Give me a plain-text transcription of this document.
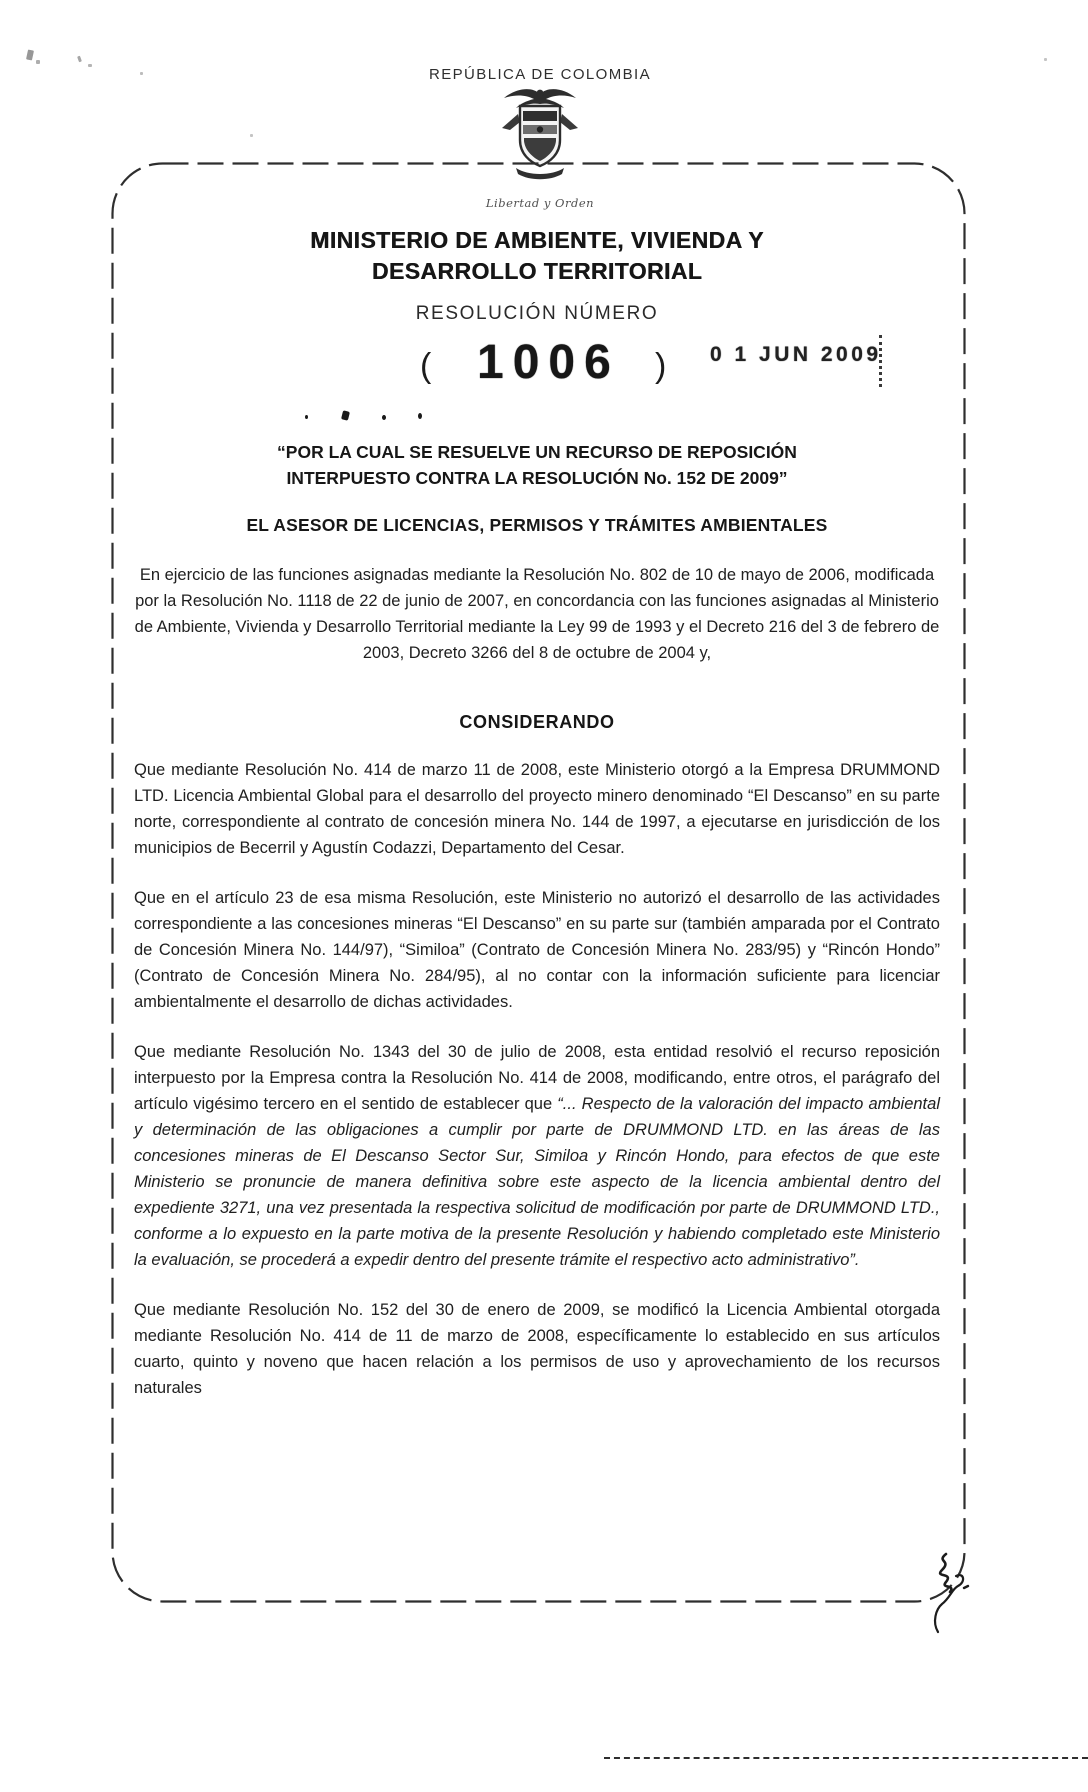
REPÚBLICA DE COLOMBIA
Libertad y Orden
MINISTERIO DE AMBIENTE, VIVIENDA Y
DESARROLLO TERRITORIAL
RESOLUCIÓN NÚMERO
( 1006 ) 0 1 JUN 2009
“POR LA CUAL SE RESUELVE UN RECURSO DE REPOSICIÓN
INTERPUESTO CONTRA LA RESOLUCIÓN No. 152 DE 2009”
EL ASESOR DE LICENCIAS, PERMISOS Y TRÁMITES AMBIENTALES
En ejercicio de las funciones asignadas mediante la Resolución No. 802 de 10 de mayo de 2006, modificada por la Resolución No. 1118 de 22 de junio de 2007, en concordancia con las funciones asignadas al Ministerio de Ambiente, Vivienda y Desarrollo Territorial mediante la Ley 99 de 1993 y el Decreto 216 del 3 de febrero de 2003, Decreto 3266 del 8 de octubre de 2004 y,
CONSIDERANDO
Que mediante Resolución No. 414 de marzo 11 de 2008, este Ministerio otorgó a la Empresa DRUMMOND LTD. Licencia Ambiental Global para el desarrollo del proyecto minero denominado “El Descanso” en su parte norte, correspondiente al contrato de concesión minera No. 144 de 1997, a ejecutarse en jurisdicción de los municipios de Becerril y Agustín Codazzi, Departamento del Cesar.
Que en el artículo 23 de esa misma Resolución, este Ministerio no autorizó el desarrollo de las actividades correspondiente a las concesiones mineras “El Descanso” en su parte sur (también amparada por el Contrato de Concesión Minera No. 144/97), “Similoa” (Contrato de Concesión Minera No. 283/95) y “Rincón Hondo” (Contrato de Concesión Minera No. 284/95), al no contar con la información suficiente para licenciar ambientalmente el desarrollo de dichas actividades.
Que mediante Resolución No. 1343 del 30 de julio de 2008, esta entidad resolvió el recurso reposición interpuesto por la Empresa contra la Resolución No. 414 de 2008, modificando, entre otros, el parágrafo del artículo vigésimo tercero en el sentido de establecer que “... Respecto de la valoración del impacto ambiental y determinación de las obligaciones a cumplir por parte de DRUMMOND LTD. en las áreas de las concesiones mineras de El Descanso Sector Sur, Similoa y Rincón Hondo, para efectos de que este Ministerio se pronuncie de manera definitiva sobre este aspecto de la licencia ambiental dentro del expediente 3271, una vez presentada la respectiva solicitud de modificación por parte de DRUMMOND LTD., conforme a lo expuesto en la parte motiva de la presente Resolución y habiendo completado este Ministerio la evaluación, se procederá a expedir dentro del presente trámite el respectivo acto administrativo”.
Que mediante Resolución No. 152 del 30 de enero de 2009, se modificó la Licencia Ambiental otorgada mediante Resolución No. 414 de 11 de marzo de 2008, específicamente lo establecido en sus artículos cuarto, quinto y noveno que hacen relación a los permisos de uso y aprovechamiento de los recursos naturales
